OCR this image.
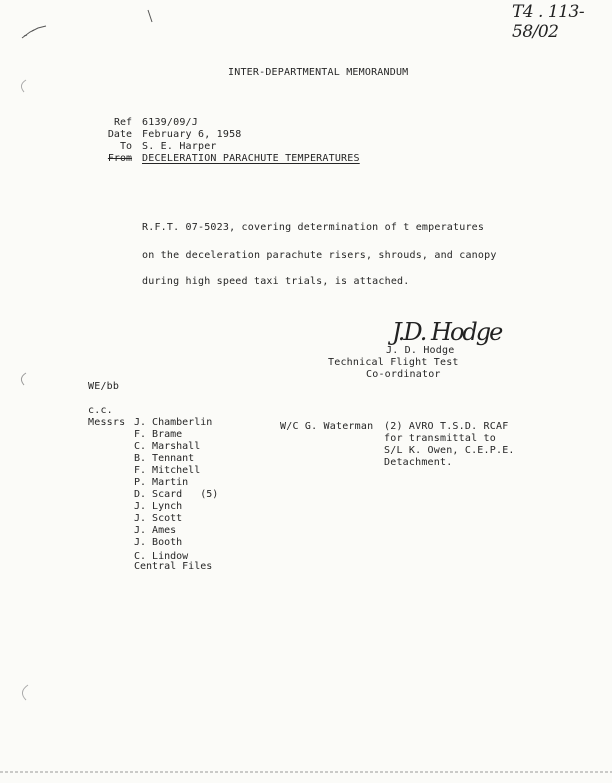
T4 . 113-58/02
INTER-DEPARTMENTAL MEMORANDUM
Ref 6139/09/J
Date February 6, 1958
To S. E. Harper
From DECELERATION PARACHUTE TEMPERATURES
R.F.T. 07-5023, covering determination of t emperatures
on the deceleration parachute risers, shrouds, and canopy
during high speed taxi trials, is attached.
J.D. Hodge
J. D. Hodge
Technical Flight Test
Co-ordinator
WE/bb
c.c.
Messrs J. Chamberlin
F. Brame
C. Marshall
B. Tennant
F. Mitchell
P. Martin
D. Scard   (5)
J. Lynch
J. Scott
J. Ames
J. Booth
C. Lindow
Central Files
W/C G. Waterman (2) AVRO T.S.D. RCAF
for transmittal to
S/L K. Owen, C.E.P.E.
Detachment.
